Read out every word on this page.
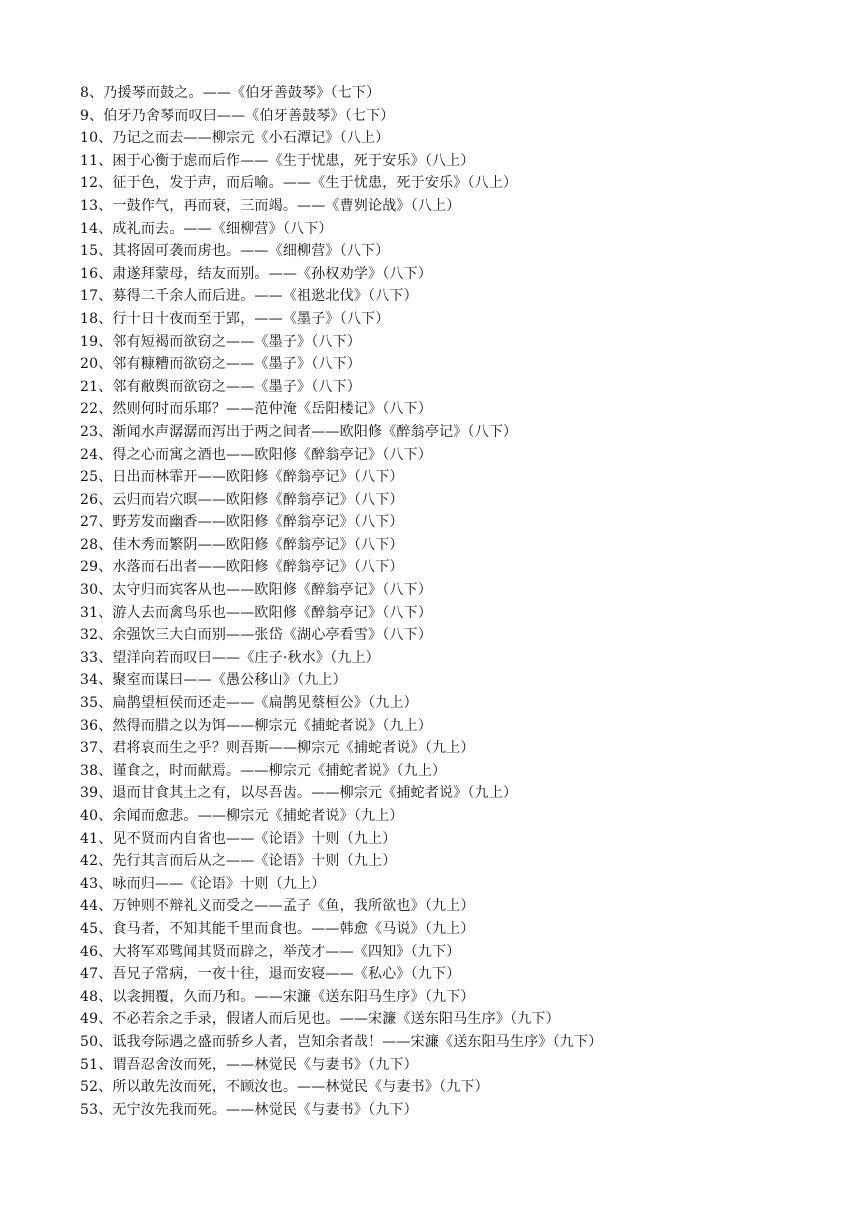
8、乃援琴而鼓之。——《伯牙善鼓琴》（七下）
9、伯牙乃舍琴而叹曰——《伯牙善鼓琴》（七下）
10、乃记之而去——柳宗元《小石潭记》（八上）
11、困于心衡于虑而后作——《生于忧患，死于安乐》（八上）
12、征于色，发于声，而后喻。——《生于忧患，死于安乐》（八上）
13、一鼓作气，再而衰，三而竭。——《曹刿论战》（八上）
14、成礼而去。——《细柳营》（八下）
15、其将固可袭而虏也。——《细柳营》（八下）
16、肃遂拜蒙母，结友而别。——《孙权劝学》（八下）
17、募得二千余人而后进。——《祖逖北伐》（八下）
18、行十日十夜而至于郢，——《墨子》（八下）
19、邻有短褐而欲窃之——《墨子》（八下）
20、邻有糠糟而欲窃之——《墨子》（八下）
21、邻有敝舆而欲窃之——《墨子》（八下）
22、然则何时而乐耶？——范仲淹《岳阳楼记》（八下）
23、渐闻水声潺潺而泻出于两之间者——欧阳修《醉翁亭记》（八下）
24、得之心而寓之酒也——欧阳修《醉翁亭记》（八下）
25、日出而林霏开——欧阳修《醉翁亭记》（八下）
26、云归而岩穴暝——欧阳修《醉翁亭记》（八下）
27、野芳发而幽香——欧阳修《醉翁亭记》（八下）
28、佳木秀而繁阴——欧阳修《醉翁亭记》（八下）
29、水落而石出者——欧阳修《醉翁亭记》（八下）
30、太守归而宾客从也——欧阳修《醉翁亭记》（八下）
31、游人去而禽鸟乐也——欧阳修《醉翁亭记》（八下）
32、余强饮三大白而别——张岱《湖心亭看雪》（八下）
33、望洋向若而叹曰——《庄子·秋水》（九上）
34、聚室而谋曰——《愚公移山》（九上）
35、扁鹊望桓侯而还走——《扁鹊见蔡桓公》（九上）
36、然得而腊之以为饵——柳宗元《捕蛇者说》（九上）
37、君将哀而生之乎？则吾斯——柳宗元《捕蛇者说》（九上）
38、谨食之，时而献焉。——柳宗元《捕蛇者说》（九上）
39、退而甘食其土之有，以尽吾齿。——柳宗元《捕蛇者说》（九上）
40、余闻而愈悲。——柳宗元《捕蛇者说》（九上）
41、见不贤而内自省也——《论语》十则（九上）
42、先行其言而后从之——《论语》十则（九上）
43、咏而归——《论语》十则（九上）
44、万钟则不辩礼义而受之——孟子《鱼，我所欲也》（九上）
45、食马者，不知其能千里而食也。——韩愈《马说》（九上）
46、大将军邓骘闻其贤而辟之，举茂才——《四知》（九下）
47、吾兄子常病，一夜十往，退而安寝——《私心》（九下）
48、以衾拥覆，久而乃和。——宋濂《送东阳马生序》（九下）
49、不必若余之手录，假诸人而后见也。——宋濂《送东阳马生序》（九下）
50、诋我夸际遇之盛而骄乡人者，岂知余者哉！——宋濂《送东阳马生序》（九下）
51、谓吾忍舍汝而死，——林觉民《与妻书》（九下）
52、所以敢先汝而死，不顾汝也。——林觉民《与妻书》（九下）
53、无宁汝先我而死。——林觉民《与妻书》（九下）
